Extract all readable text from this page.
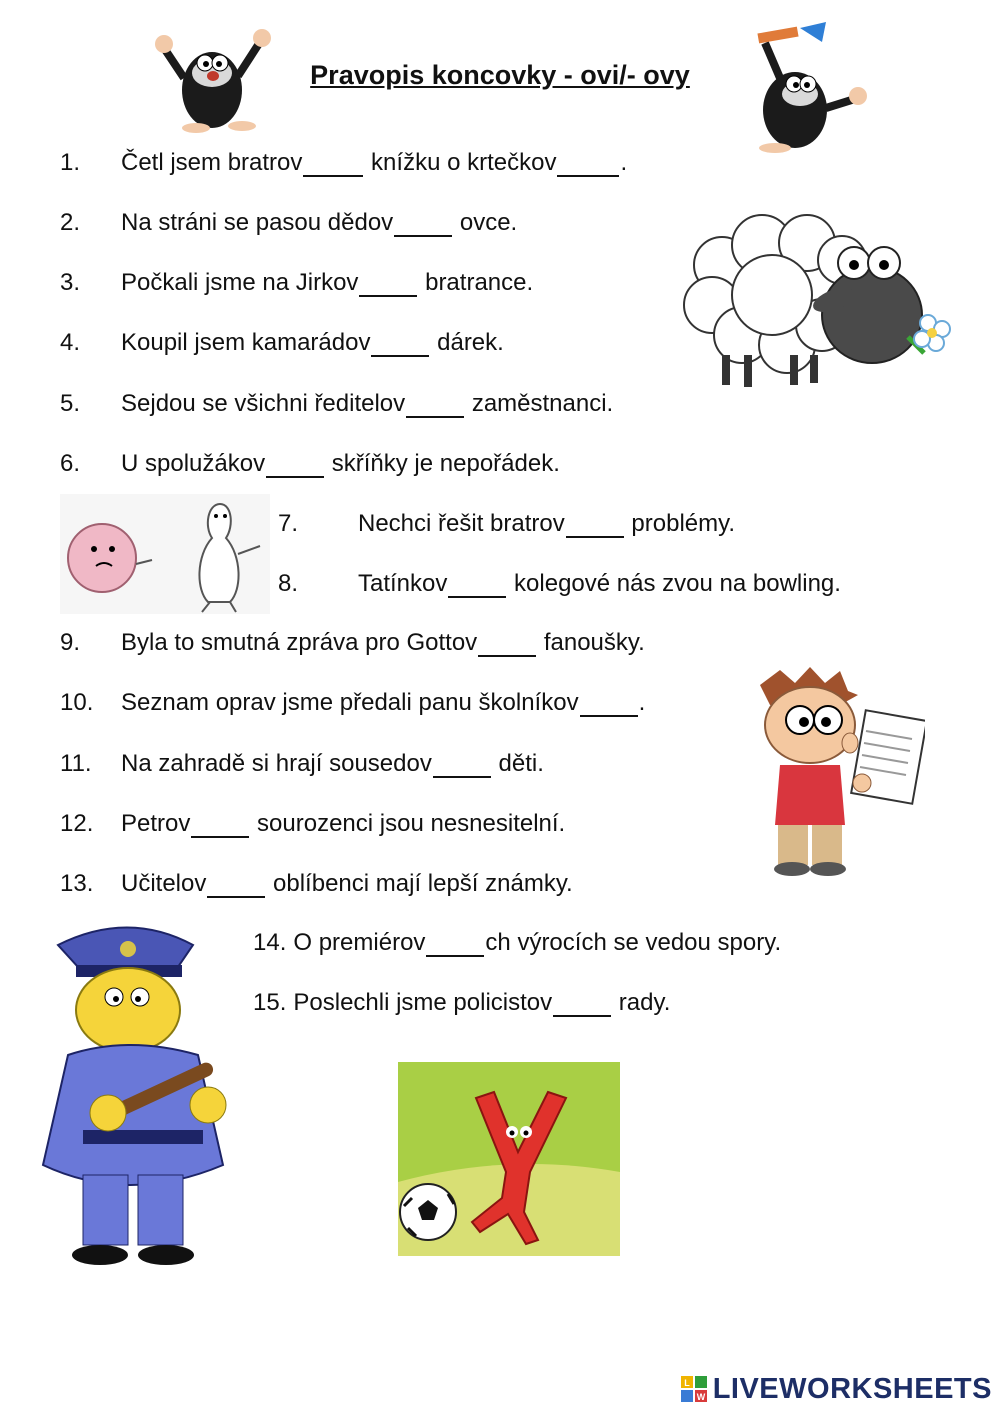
Pravopis koncovky - ovi/- ovy
1. Četl jsem bratrov	knížku o krtečkov	.
2. Na stráni se pasou dědov	ovce.
3. Počkali jsme na Jirkov	bratrance.
4. Koupil jsem kamarádov	dárek.
5. Sejdou se všichni ředitelov	zaměstnanci.
6. U spolužákov	skříňky je nepořádek.
7. Nechci řešit bratrov	problémy.
8. Tatínkov	kolegové nás zvou na bowling.
9. Byla to smutná zpráva pro Gottov	fanoušky.
10. Seznam oprav jsme předali panu školníkov	.
11. Na zahradě si hrají sousedov	děti.
12. Petrov	sourozenci jsou nesnesitelní.
13. Učitelov	oblíbenci mají lepší známky.
14. O premiérov	ch výrocích se vedou spory.
15. Poslechli jsme policistov	rady.
L
W LIVEWORKSHEETS
